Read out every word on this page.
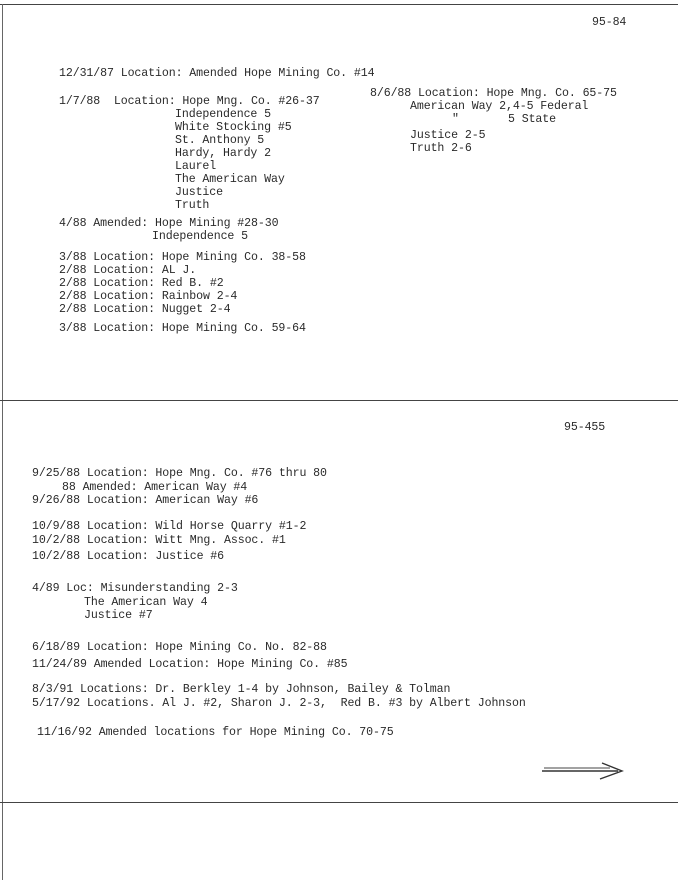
95-84
12/31/87 Location: Amended Hope Mining Co. #14
1/7/88  Location: Hope Mng. Co. #26-37
Independence 5
White Stocking #5
St. Anthony 5
Hardy, Hardy 2
Laurel
The American Way
Justice
Truth
4/88 Amended: Hope Mining #28-30
Independence 5
3/88 Location: Hope Mining Co. 38-58
2/88 Location: AL J.
2/88 Location: Red B. #2
2/88 Location: Rainbow 2-4
2/88 Location: Nugget 2-4
3/88 Location: Hope Mining Co. 59-64
8/6/88 Location: Hope Mng. Co. 65-75
American Way 2,4-5 Federal
"	5 State
Justice 2-5
Truth 2-6
95-455
9/25/88 Location: Hope Mng. Co. #76 thru 80
88 Amended: American Way #4
9/26/88 Location: American Way #6
10/9/88 Location: Wild Horse Quarry #1-2
10/2/88 Location: Witt Mng. Assoc. #1
10/2/88 Location: Justice #6
4/89 Loc: Misunderstanding 2-3
The American Way 4
Justice #7
6/18/89 Location: Hope Mining Co. No. 82-88
11/24/89 Amended Location: Hope Mining Co. #85
8/3/91 Locations: Dr. Berkley 1-4 by Johnson, Bailey & Tolman
5/17/92 Locations. Al J. #2, Sharon J. 2-3,  Red B. #3 by Albert Johnson
11/16/92 Amended locations for Hope Mining Co. 70-75
